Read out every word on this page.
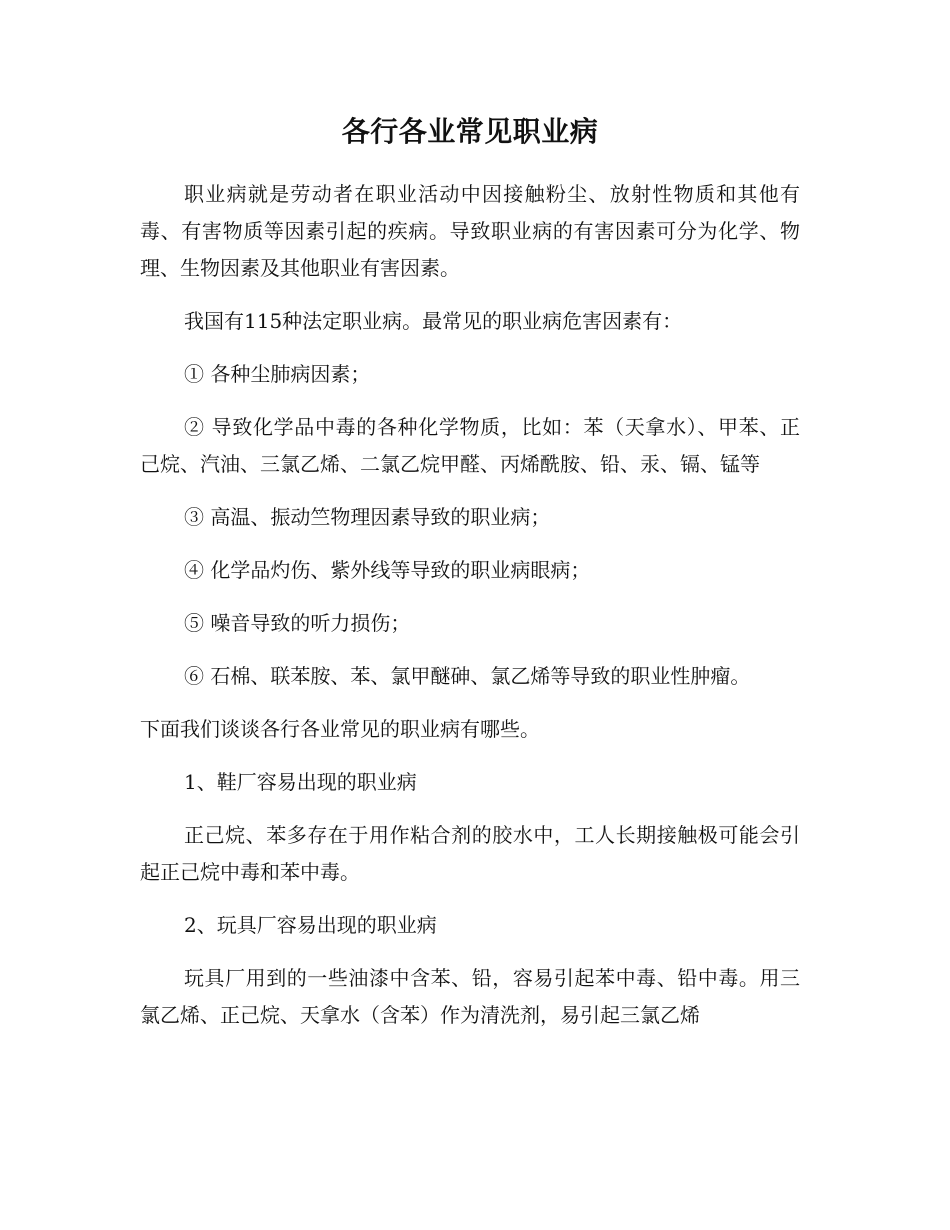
各行各业常见职业病

职业病就是劳动者在职业活动中因接触粉尘、放射性物质和其他有毒、有害物质等因素引起的疾病。导致职业病的有害因素可分为化学、物理、生物因素及其他职业有害因素。

我国有115种法定职业病。最常见的职业病危害因素有：

① 各种尘肺病因素；

② 导致化学品中毒的各种化学物质，比如：苯（天拿水）、甲苯、正己烷、汽油、三氯乙烯、二氯乙烷甲醛、丙烯酰胺、铅、汞、镉、锰等

③ 高温、振动竺物理因素导致的职业病；

④ 化学品灼伤、紫外线等导致的职业病眼病；

⑤ 噪音导致的听力损伤；

⑥ 石棉、联苯胺、苯、氯甲醚砷、氯乙烯等导致的职业性肿瘤。

下面我们谈谈各行各业常见的职业病有哪些。

1、鞋厂容易出现的职业病

正己烷、苯多存在于用作粘合剂的胶水中，工人长期接触极可能会引起正己烷中毒和苯中毒。

2、玩具厂容易出现的职业病

玩具厂用到的一些油漆中含苯、铅，容易引起苯中毒、铅中毒。用三氯乙烯、正己烷、天拿水（含苯）作为清洗剂，易引起三氯乙烯
